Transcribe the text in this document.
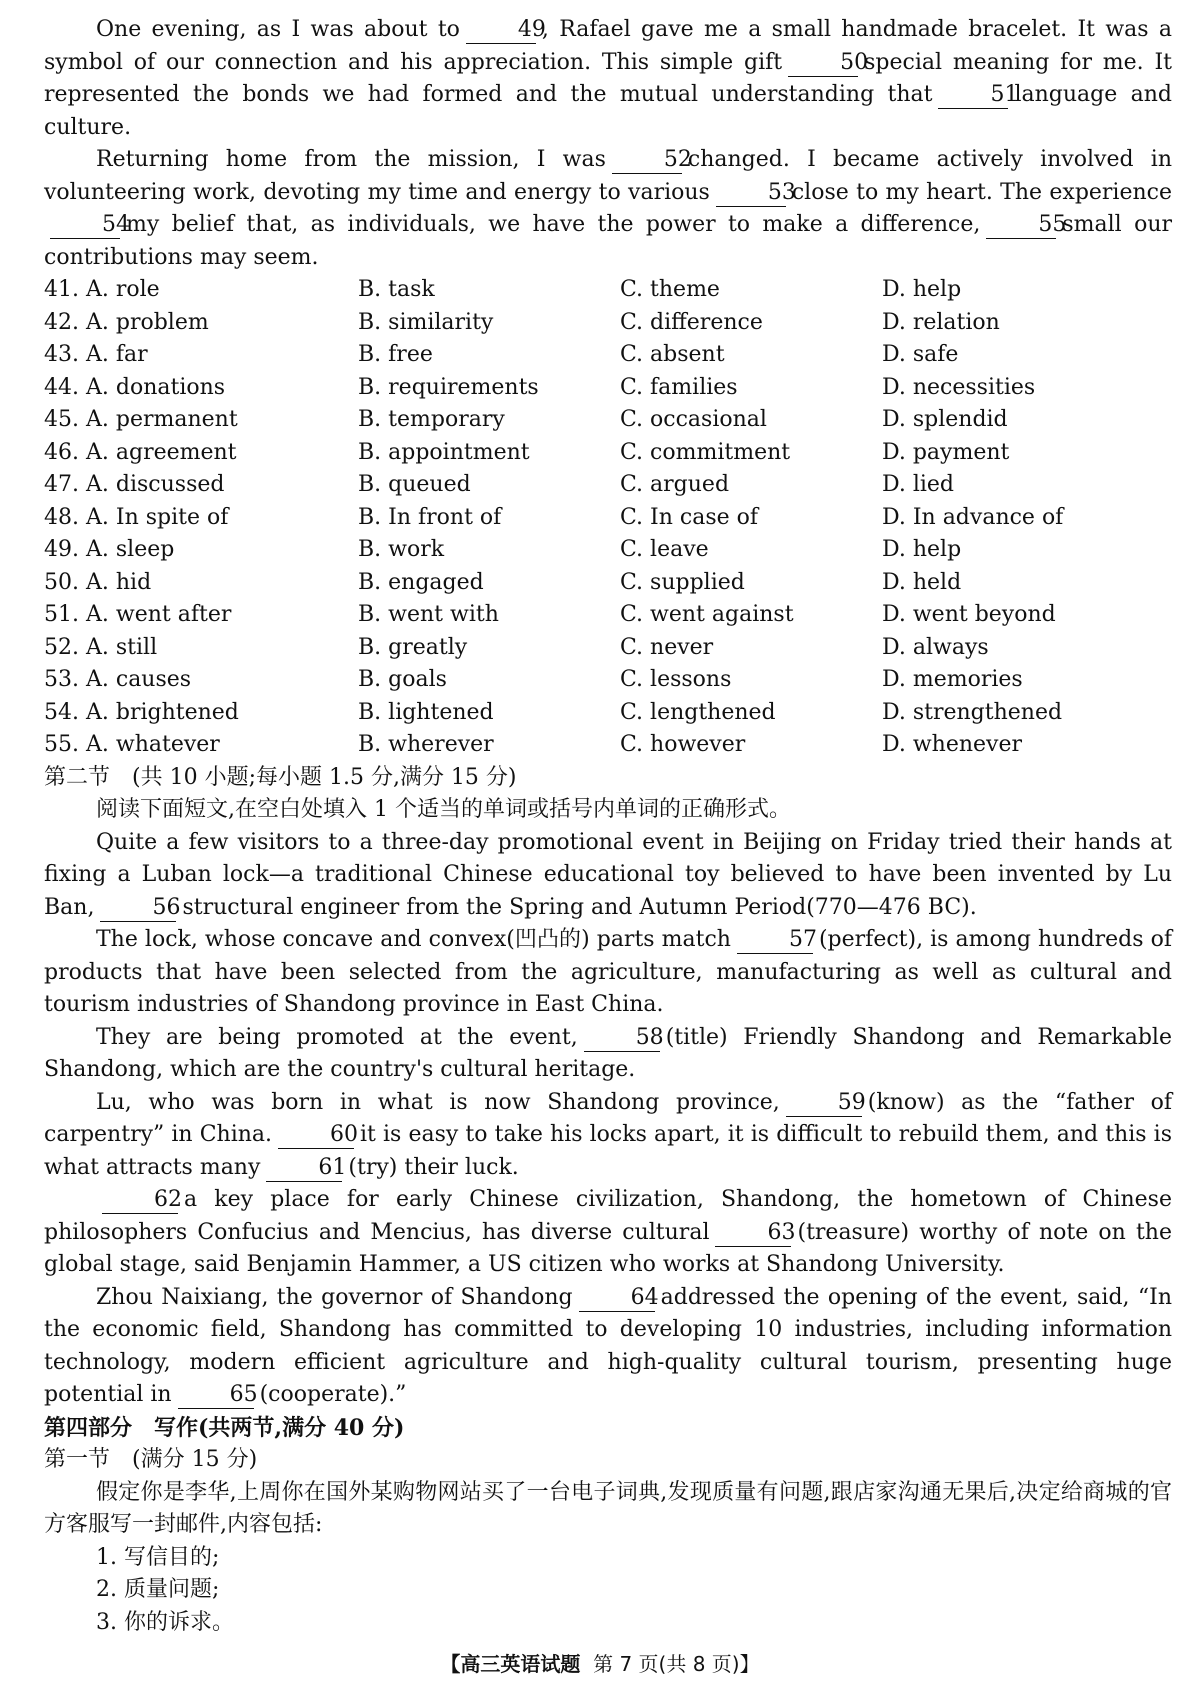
One evening, as I was about to	49, Rafael gave me a small handmade bracelet. It was a symbol of our connection and his appreciation. This simple gift	50special meaning for me. It represented the bonds we had formed and the mutual understanding that	51language and culture.

Returning home from the mission, I was	52changed. I became actively involved in volunteering work, devoting my time and energy to various	53close to my heart. The experience54my belief that, as individuals, we have the power to make a difference,	55small our contributions may seem.

41. A. role	B. task	C. theme	D. help
42. A. problem	B. similarity	C. difference	D. relation
43. A. far	B. free	C. absent	D. safe
44. A. donations	B. requirements	C. families	D. necessities
45. A. permanent	B. temporary	C. occasional	D. splendid
46. A. agreement	B. appointment	C. commitment	D. payment
47. A. discussed	B. queued	C. argued	D. lied
48. A. In spite of	B. In front of	C. In case of	D. In advance of
49. A. sleep	B. work	C. leave	D. help
50. A. hid	B. engaged	C. supplied	D. held
51. A. went after	B. went with	C. went against	D. went beyond
52. A. still	B. greatly	C. never	D. always
53. A. causes	B. goals	C. lessons	D. memories
54. A. brightened	B. lightened	C. lengthened	D. strengthened
55. A. whatever	B. wherever	C. however	D. whenever

第二节　(共 10 小题;每小题 1.5 分,满分 15 分)

阅读下面短文,在空白处填入 1 个适当的单词或括号内单词的正确形式。

Quite a few visitors to a three-day promotional event in Beijing on Friday tried their hands at fixing a Luban lock—a traditional Chinese educational toy believed to have been invented by Lu Ban,	56structural engineer from the Spring and Autumn Period(770—476 BC).

The lock, whose concave and convex(凹凸的) parts match	57(perfect), is among hundreds of products that have been selected from the agriculture, manufacturing as well as cultural and tourism industries of Shandong province in East China.

They are being promoted at the event,	58(title) Friendly Shandong and Remarkable Shandong, which are the country's cultural heritage.

Lu, who was born in what is now Shandong province,	59(know) as the “father of carpentry” in China.	60it is easy to take his locks apart, it is difficult to rebuild them, and this is what attracts many	61(try) their luck.

62a key place for early Chinese civilization, Shandong, the hometown of Chinese philosophers Confucius and Mencius, has diverse cultural	63(treasure) worthy of note on the global stage, said Benjamin Hammer, a US citizen who works at Shandong University.

Zhou Naixiang, the governor of Shandong	64addressed the opening of the event, said, “In the economic field, Shandong has committed to developing 10 industries, including information technology, modern efficient agriculture and high-quality cultural tourism, presenting huge potential in	65(cooperate).”

第四部分　写作(共两节,满分 40 分)

第一节　(满分 15 分)

假定你是李华,上周你在国外某购物网站买了一台电子词典,发现质量有问题,跟店家沟通无果后,决定给商城的官方客服写一封邮件,内容包括:

1. 写信目的;

2. 质量问题;

3. 你的诉求。

【高三英语试题 第 7 页(共 8 页)】
